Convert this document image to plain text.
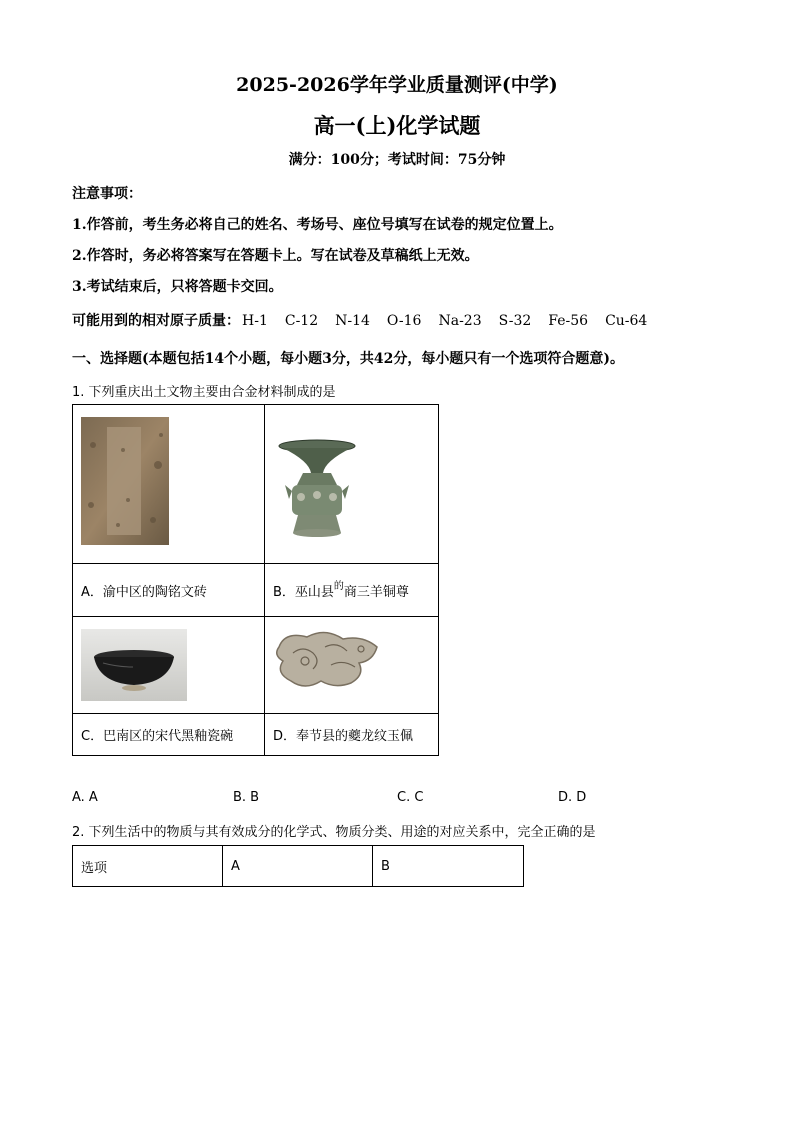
2025-2026学年学业质量测评(中学)
高一(上)化学试题
满分：100分；考试时间：75分钟
注意事项：
1.作答前，考生务必将自己的姓名、考场号、座位号填写在试卷的规定位置上。
2.作答时，务必将答案写在答题卡上。写在试卷及草稿纸上无效。
3.考试结束后，只将答题卡交回。
可能用到的相对原子质量： H-1 C-12 N-14 O-16 Na-23 S-32 Fe-56 Cu-64
一、选择题(本题包括14个小题，每小题3分，共42分，每小题只有一个选项符合题意)。
1. 下列重庆出土文物主要由合金材料制成的是

A．渝中区的陶铭文砖	B．巫山县$^的$商三羊铜尊

C．巴南区的宋代黑釉瓷碗	D．奉节县的夔龙纹玉佩
A. A	B. B	C. C	D. D
2. 下列生活中的物质与其有效成分的化学式、物质分类、用途的对应关系中，完全正确的是
选项	A	B
